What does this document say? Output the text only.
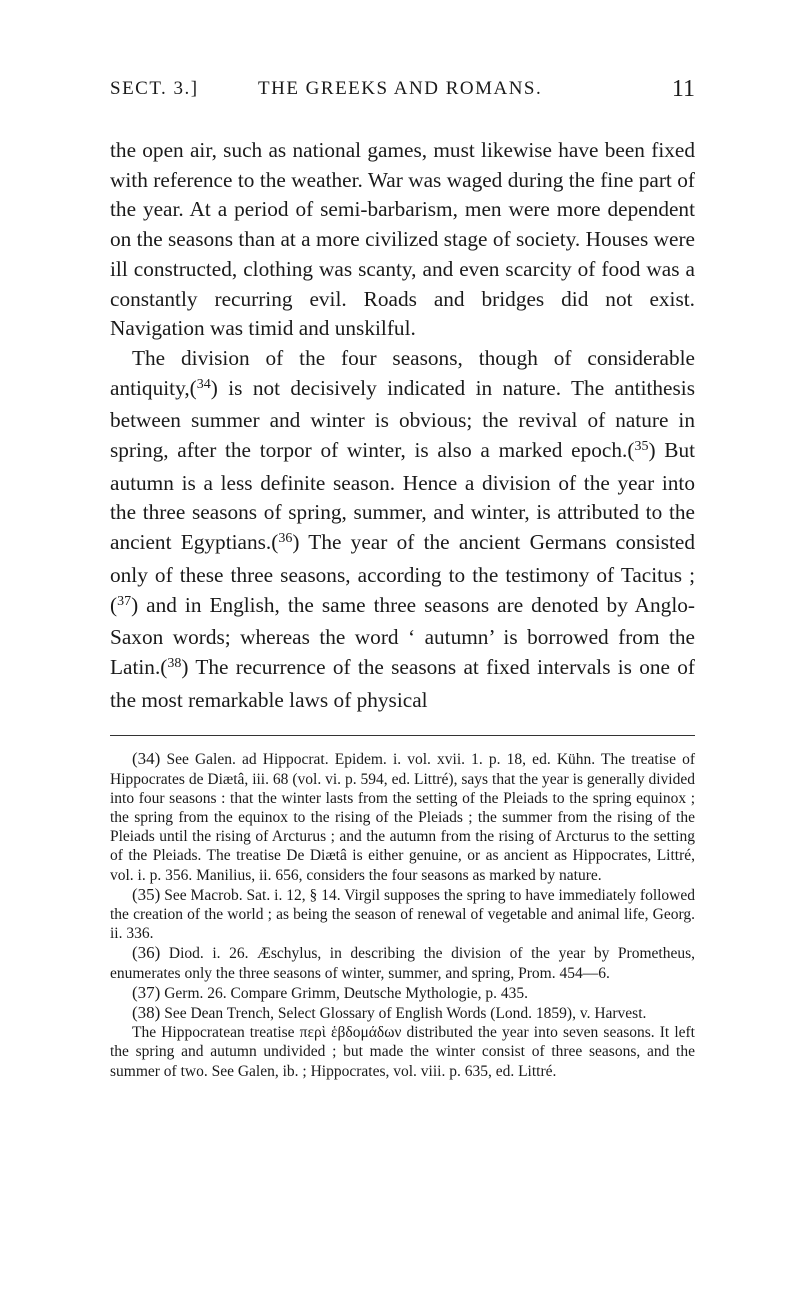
SECT. 3.]	THE GREEKS AND ROMANS.	11

the open air, such as national games, must likewise have been fixed with reference to the weather. War was waged during the fine part of the year. At a period of semi-barbarism, men were more dependent on the seasons than at a more civilized stage of society. Houses were ill constructed, clothing was scanty, and even scarcity of food was a constantly recurring evil. Roads and bridges did not exist. Navigation was timid and unskilful.

The division of the four seasons, though of considerable antiquity,($^{34}$) is not decisively indicated in nature. The antithesis between summer and winter is obvious; the revival of nature in spring, after the torpor of winter, is also a marked epoch.($^{35}$) But autumn is a less definite season. Hence a division of the year into the three seasons of spring, summer, and winter, is attributed to the ancient Egyptians.($^{36}$) The year of the ancient Germans consisted only of these three seasons, according to the testimony of Tacitus ;($^{37}$) and in English, the same three seasons are denoted by Anglo-Saxon words; whereas the word ‘ autumn’ is borrowed from the Latin.($^{38}$) The recurrence of the seasons at fixed intervals is one of the most remarkable laws of physical

(34) See Galen. ad Hippocrat. Epidem. i. vol. xvii. 1. p. 18, ed. Kühn. The treatise of Hippocrates de Diætâ, iii. 68 (vol. vi. p. 594, ed. Littré), says that the year is generally divided into four seasons : that the winter lasts from the setting of the Pleiads to the spring equinox ; the spring from the equinox to the rising of the Pleiads ; the summer from the rising of the Pleiads until the rising of Arcturus ; and the autumn from the rising of Arcturus to the setting of the Pleiads. The treatise De Diætâ is either genuine, or as ancient as Hippocrates, Littré, vol. i. p. 356. Manilius, ii. 656, considers the four seasons as marked by nature.

(35) See Macrob. Sat. i. 12, § 14. Virgil supposes the spring to have immediately followed the creation of the world ; as being the season of renewal of vegetable and animal life, Georg. ii. 336.

(36) Diod. i. 26. Æschylus, in describing the division of the year by Prometheus, enumerates only the three seasons of winter, summer, and spring, Prom. 454—6.

(37) Germ. 26. Compare Grimm, Deutsche Mythologie, p. 435.

(38) See Dean Trench, Select Glossary of English Words (Lond. 1859), v. Harvest.

The Hippocratean treatise περὶ ἑβδομάδων distributed the year into seven seasons. It left the spring and autumn undivided ; but made the winter consist of three seasons, and the summer of two. See Galen, ib. ; Hippocrates, vol. viii. p. 635, ed. Littré.
